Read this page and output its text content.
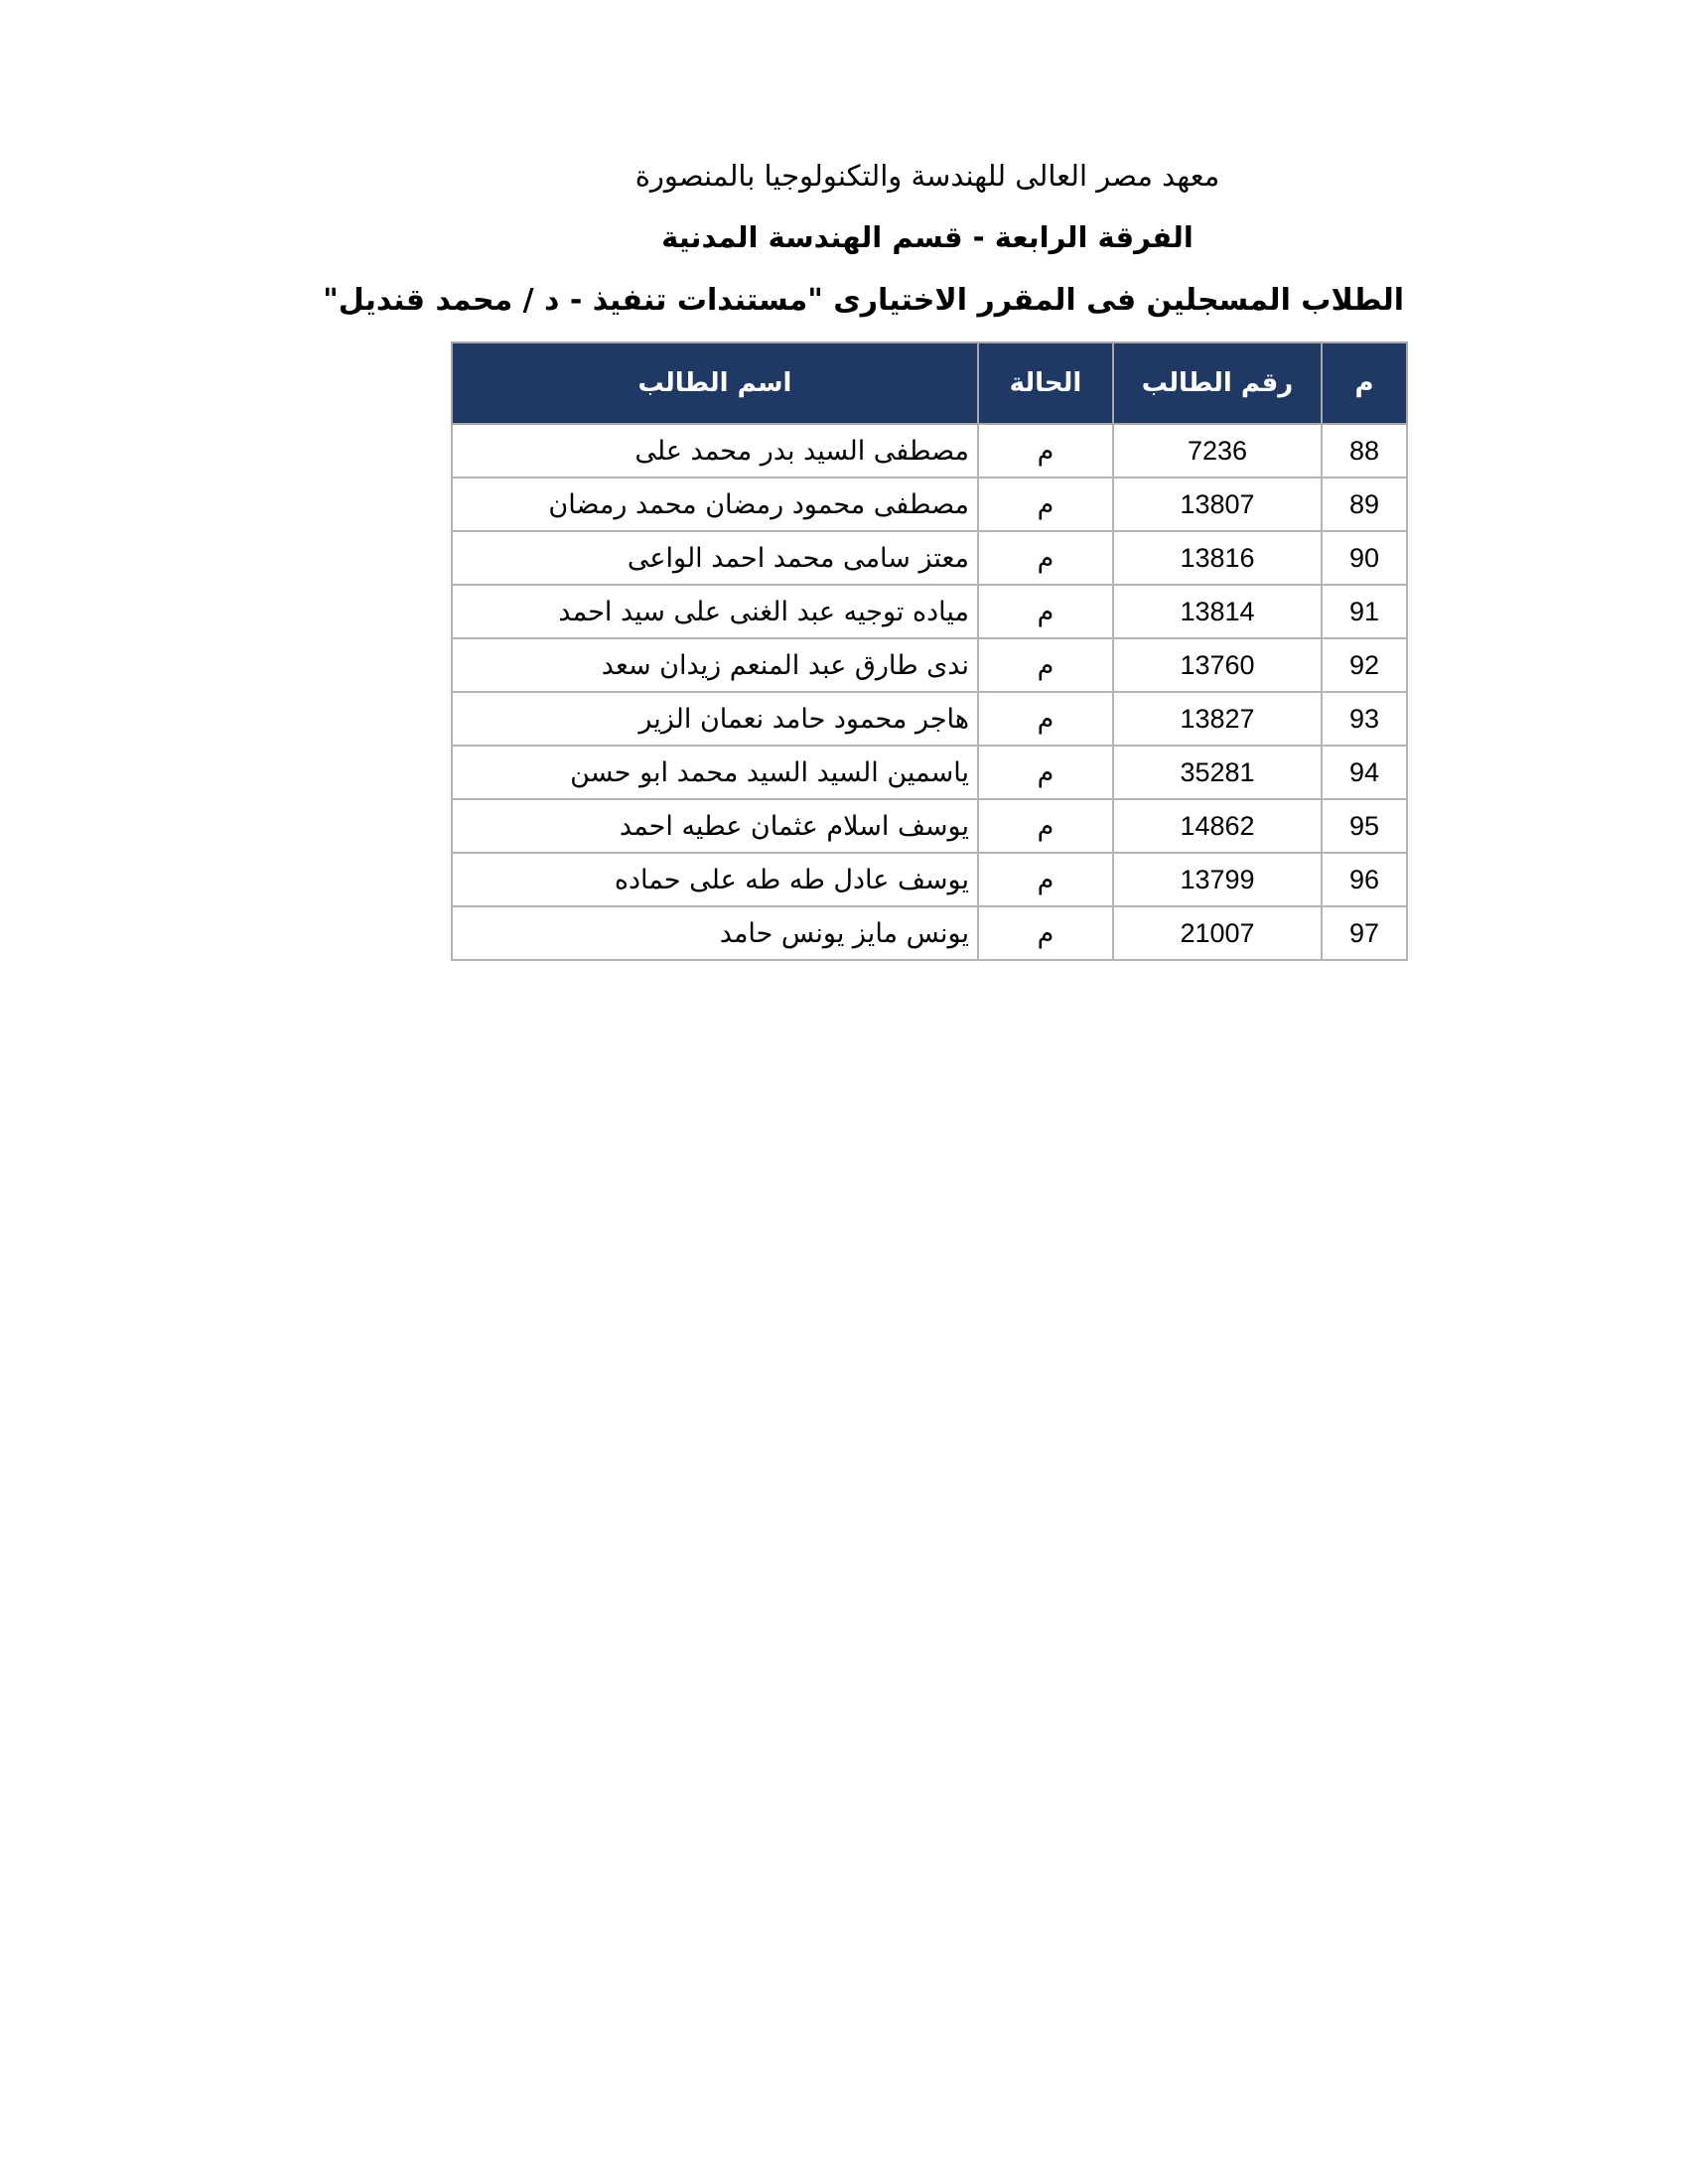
معهد مصر العالى للهندسة والتكنولوجيا بالمنصورة
الفرقة الرابعة - قسم الهندسة المدنية
الطلاب المسجلين فى المقرر الاختيارى "مستندات تنفيذ - د / محمد قنديل"
م	رقم الطالب	الحالة	اسم الطالب
88	7236	م	مصطفى السيد بدر محمد على
89	13807	م	مصطفى محمود رمضان محمد رمضان
90	13816	م	معتز سامى محمد احمد الواعى
91	13814	م	مياده توجيه عبد الغنى على سيد احمد
92	13760	م	ندى طارق عبد المنعم زيدان سعد
93	13827	م	هاجر محمود حامد نعمان الزير
94	35281	م	ياسمين السيد السيد محمد ابو حسن
95	14862	م	يوسف اسلام عثمان عطيه احمد
96	13799	م	يوسف عادل طه طه على حماده
97	21007	م	يونس مايز يونس حامد
